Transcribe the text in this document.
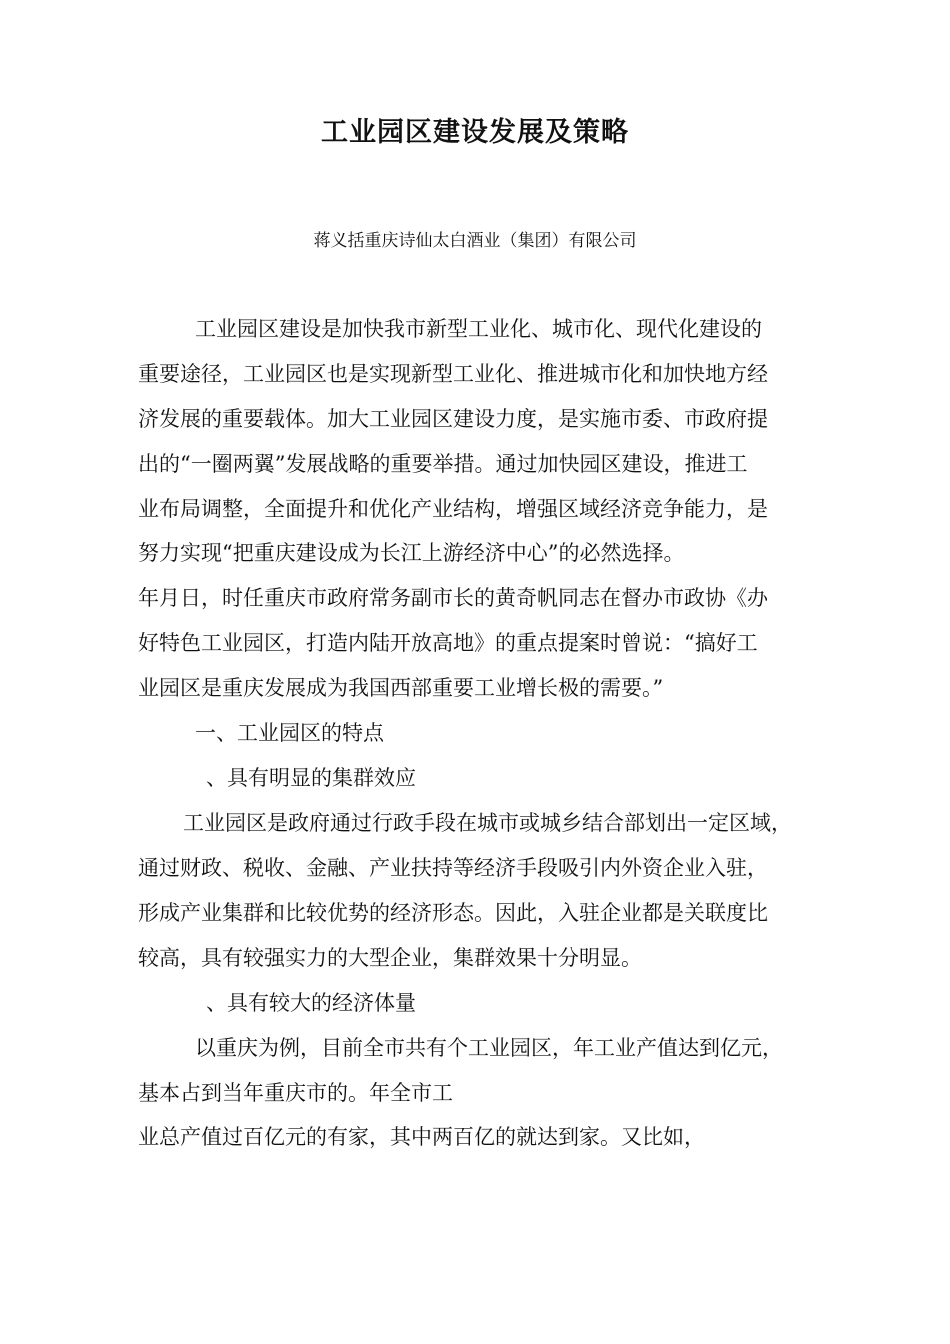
工业园区建设发展及策略
蒋义括重庆诗仙太白酒业（集团）有限公司
工业园区建设是加快我市新型工业化、城市化、现代化建设的
重要途径，工业园区也是实现新型工业化、推进城市化和加快地方经
济发展的重要载体。加大工业园区建设力度，是实施市委、市政府提
出的“一圈两翼”发展战略的重要举措。通过加快园区建设，推进工
业布局调整，全面提升和优化产业结构，增强区域经济竞争能力，是
努力实现“把重庆建设成为长江上游经济中心”的必然选择。
年月日，时任重庆市政府常务副市长的黄奇帆同志在督办市政协《办
好特色工业园区，打造内陆开放高地》的重点提案时曾说：“搞好工
业园区是重庆发展成为我国西部重要工业增长极的需要。”
一、工业园区的特点
、具有明显的集群效应
工业园区是政府通过行政手段在城市或城乡结合部划出一定区域，
通过财政、税收、金融、产业扶持等经济手段吸引内外资企业入驻，
形成产业集群和比较优势的经济形态。因此，入驻企业都是关联度比
较高，具有较强实力的大型企业，集群效果十分明显。
、具有较大的经济体量
以重庆为例，目前全市共有个工业园区，年工业产值达到亿元，
基本占到当年重庆市的。年全市工
业总产值过百亿元的有家，其中两百亿的就达到家。又比如，
